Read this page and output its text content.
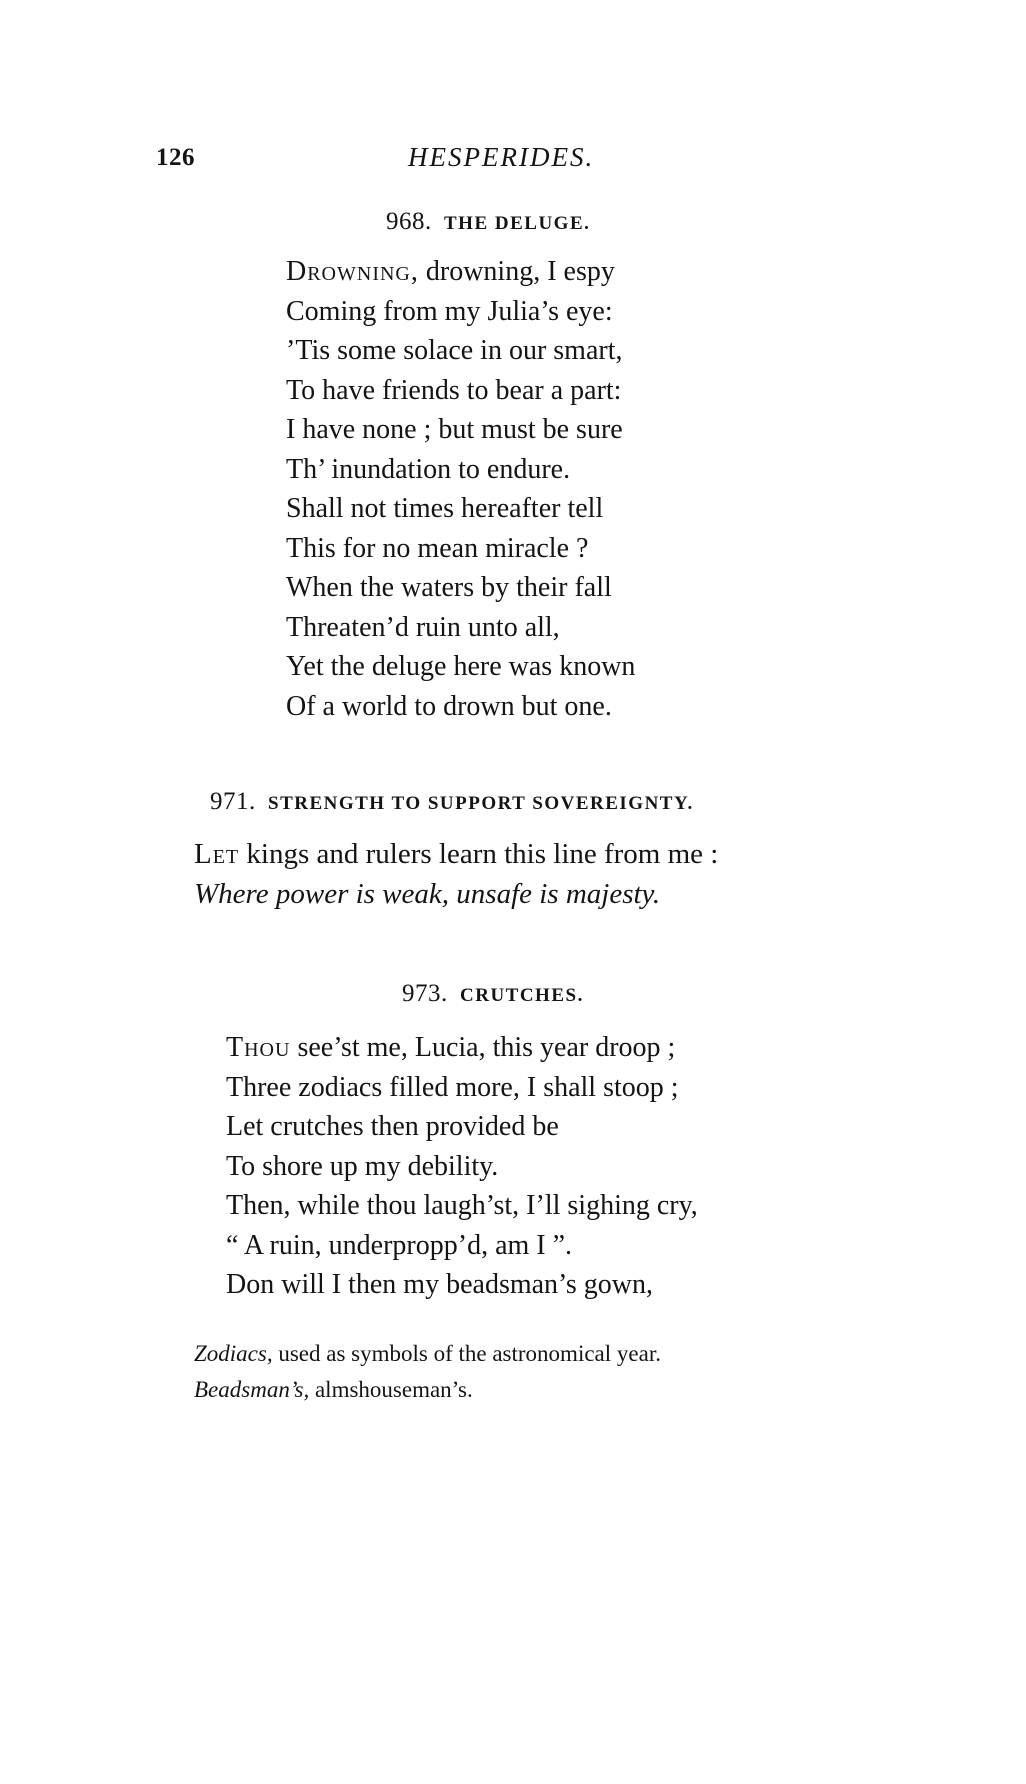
126	HESPERIDES.
968. THE DELUGE.
Drowning, drowning, I espy
Coming from my Julia’s eye:
’Tis some solace in our smart,
To have friends to bear a part:
I have none ; but must be sure
Th’ inundation to endure.
Shall not times hereafter tell
This for no mean miracle ?
When the waters by their fall
Threaten’d ruin unto all,
Yet the deluge here was known
Of a world to drown but one.
971. STRENGTH TO SUPPORT SOVEREIGNTY.
Let kings and rulers learn this line from me :
Where power is weak, unsafe is majesty.
973. CRUTCHES.
Thou see’st me, Lucia, this year droop ;
Three zodiacs filled more, I shall stoop ;
Let crutches then provided be
To shore up my debility.
Then, while thou laugh’st, I’ll sighing cry,
“ A ruin, underpropp’d, am I ”.
Don will I then my beadsman’s gown,
Zodiacs, used as symbols of the astronomical year.
Beadsman’s, almshouseman’s.
